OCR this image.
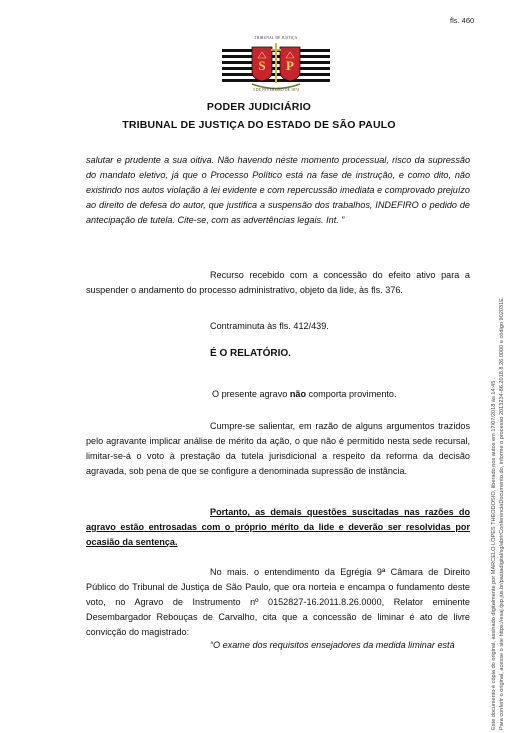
fls. 460
TRIBUNAL DE JUSTIÇA
S P
3 DE FEVEREIRO DE 1874
PODER JUDICIÁRIO
TRIBUNAL DE JUSTIÇA DO ESTADO DE SÃO PAULO
salutar e prudente a sua oitiva. Não havendo neste momento processual, risco da supressão do mandato eletivo, já que o Processo Político está na fase de instrução, e como dito, não existindo nos autos violação à lei evidente e com repercussão imediata e comprovado prejuízo ao direito de defesa do autor, que justifica a suspensão dos trabalhos, INDEFIRO o pedido de antecipação de tutela. Cite-se, com as advertências legais. Int. ”
Recurso recebido com a concessão do efeito ativo para a suspender o andamento do processo administrativo, objeto da lide, às fls. 376.
Contraminuta às fls. 412/439.
É O RELATÓRIO.
O presente agravo não comporta provimento.
Cumpre-se salientar, em razão de alguns argumentos trazidos pelo agravante implicar análise de mérito da ação, o que não é permitido nesta sede recursal, limitar-se-á o voto à prestação da tutela jurisdicional a respeito da reforma da decisão agravada, sob pena de que se configure a denominada supressão de instância.
Portanto, as demais questões suscitadas nas razões do agravo estão entrosadas com o próprio mérito da lide e deverão ser resolvidas por ocasião da sentença.
No mais. o entendimento da Egrégia 9ª Câmara de Direito Público do Tribunal de Justiça de São Paulo, que ora norteia e encampa o fundamento deste voto, no Agravo de Instrumento nº 0152827-16.2011.8.26.0000, Relator eminente Desembargador Rebouças de Carvalho, cita que a concessão de liminar é ato de livre convicção do magistrado:
“O exame dos requisitos ensejadores da medida liminar está	Este documento é cópia do original, assinado digitalmente por MARCELO LOPES THEODOSIO, liberado nos autos em 17/07/2018 às 14:45 . Para conferir o original, acesse o site https://esaj.tjsp.jus.br/pastadigital/sg/abrirConferenciaDocumento.do, informe o processo 2013234-86.2018.8.26.0000 e código 902031E.
